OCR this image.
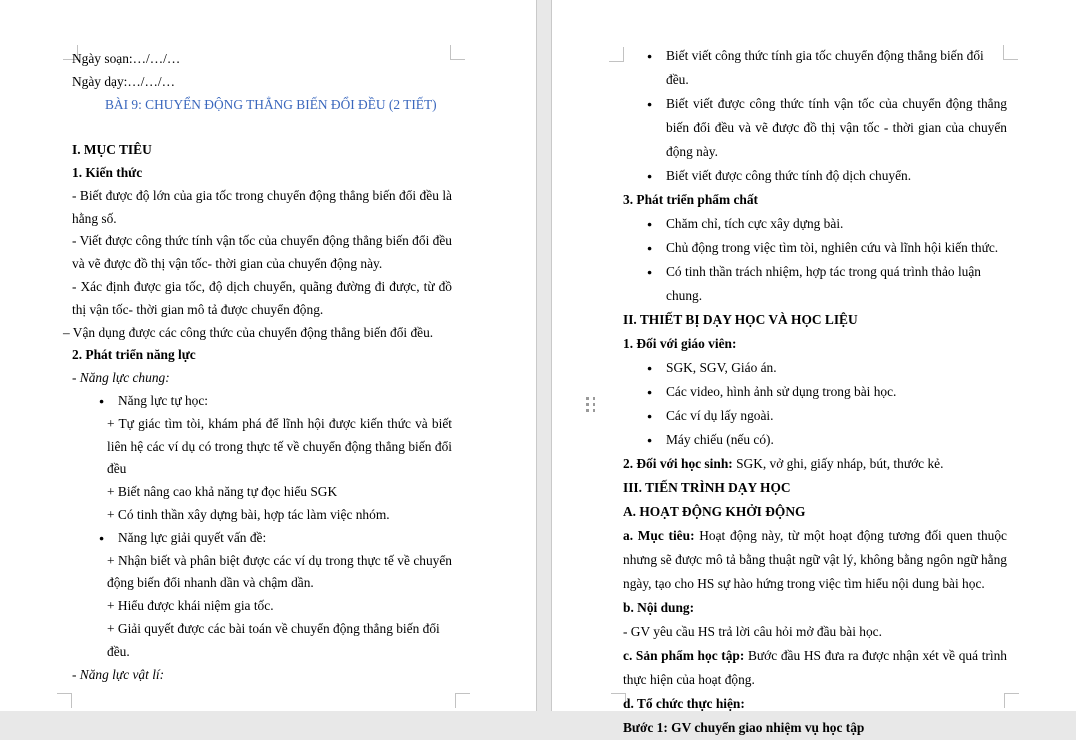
Ngày soạn:…/…/…
Ngày dạy:…/…/…
BÀI 9: CHUYỂN ĐỘNG THẲNG BIẾN ĐỔI ĐỀU (2 TIẾT)
I. MỤC TIÊU
1. Kiến thức
- Biết được độ lớn của gia tốc trong chuyển động thẳng biến đổi đều là hằng số.
- Viết được công thức tính vận tốc của chuyển động thẳng biến đổi đều và vẽ được đồ thị vận tốc- thời gian của chuyển động này.
- Xác định được gia tốc, độ dịch chuyển, quãng đường đi được, từ đồ thị vận tốc- thời gian mô tả được chuyển động.
– Vận dụng được các công thức của chuyển động thẳng biến đổi đều.
2. Phát triển năng lực
- Năng lực chung:
● Năng lực tự học:
+ Tự giác tìm tòi, khám phá để lĩnh hội được kiến thức và biết liên hệ các ví dụ có trong thực tế về chuyển động thẳng biến đổi đều
+ Biết nâng cao khả năng tự đọc hiểu SGK
+ Có tinh thần xây dựng bài, hợp tác làm việc nhóm.
● Năng lực giải quyết vấn đề:
+ Nhận biết và phân biệt được các ví dụ trong thực tế về chuyển động biến đổi nhanh dần và chậm dần.
+ Hiểu được khái niệm gia tốc.
+ Giải quyết được các bài toán về chuyển động thẳng biến đổi đều.
- Năng lực vật lí:
● Biết viết công thức tính gia tốc chuyển động thẳng biến đổi đều.
● Biết viết được công thức tính vận tốc của chuyển động thẳng biến đổi đều và vẽ được đồ thị vận tốc - thời gian của chuyển động này.
● Biết viết được công thức tính độ dịch chuyển.
3. Phát triển phẩm chất
● Chăm chỉ, tích cực xây dựng bài.
● Chủ động trong việc tìm tòi, nghiên cứu và lĩnh hội kiến thức.
● Có tinh thần trách nhiệm, hợp tác trong quá trình thảo luận chung.
II. THIẾT BỊ DẠY HỌC VÀ HỌC LIỆU
1. Đối với giáo viên:
● SGK, SGV, Giáo án.
● Các video, hình ảnh sử dụng trong bài học.
● Các ví dụ lấy ngoài.
● Máy chiếu (nếu có).
2. Đối với học sinh: SGK, vở ghi, giấy nháp, bút, thước kẻ.
III. TIẾN TRÌNH DẠY HỌC
A. HOẠT ĐỘNG KHỞI ĐỘNG
a. Mục tiêu: Hoạt động này, từ một hoạt động tương đối quen thuộc nhưng sẽ được mô tả bằng thuật ngữ vật lý, không bằng ngôn ngữ hằng ngày, tạo cho HS sự hào hứng trong việc tìm hiểu nội dung bài học.
b. Nội dung:
- GV yêu cầu HS trả lời câu hỏi mở đầu bài học.
c. Sản phẩm học tập: Bước đầu HS đưa ra được nhận xét về quá trình thực hiện của hoạt động.
d. Tổ chức thực hiện:
Bước 1: GV chuyển giao nhiệm vụ học tập
